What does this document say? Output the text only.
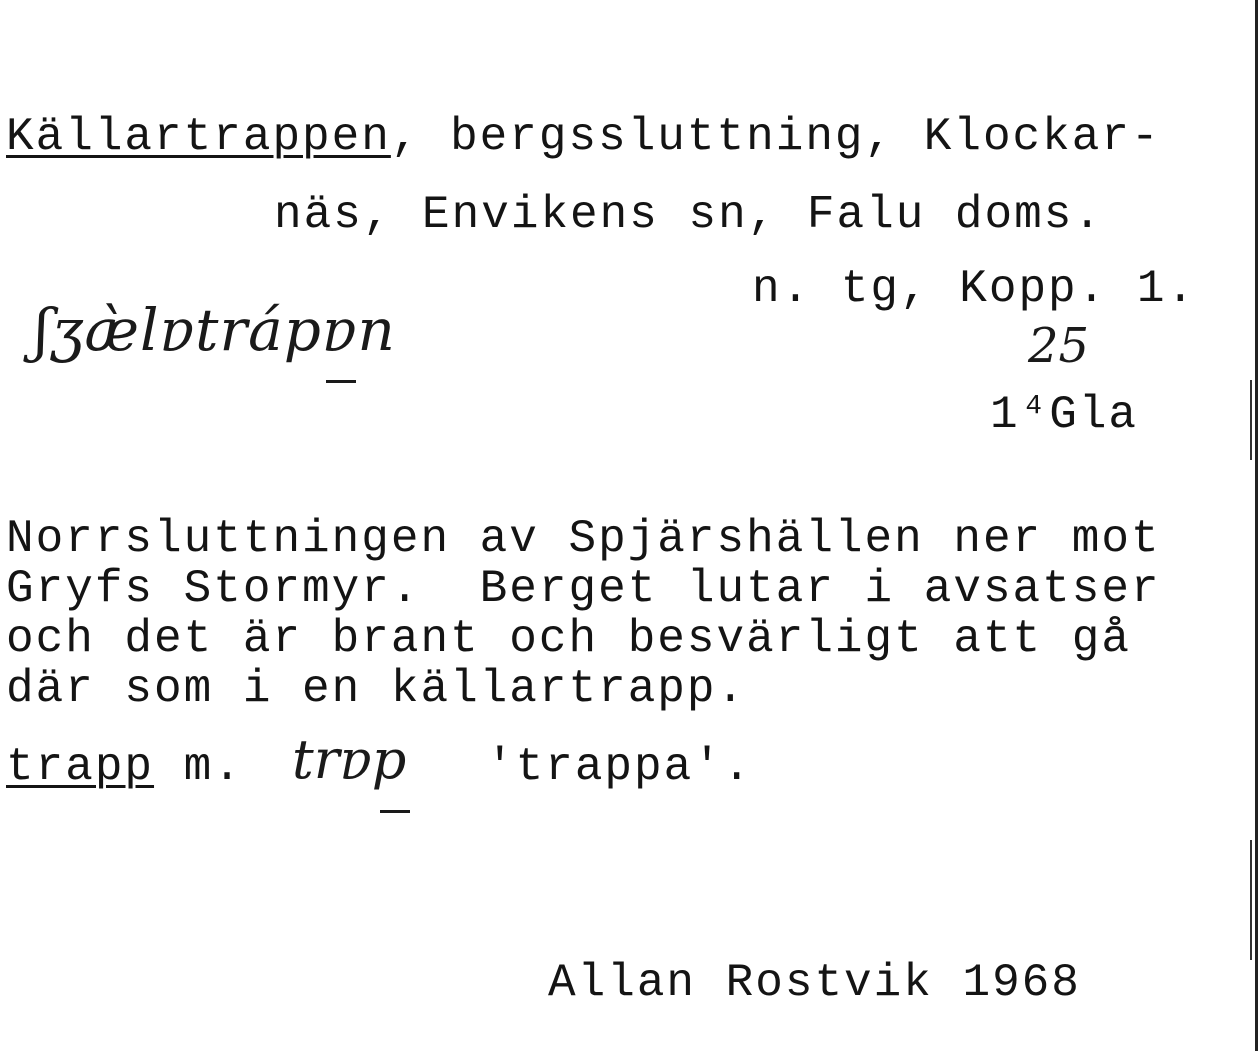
Källartrappen, bergssluttning, Klockar-
näs, Envikens sn, Falu doms.
n. tg, Kopp. 1.
ʃʒæ̀lɐtrápɐn	25
1⁴Gla
Norrsluttningen av Spjärshällen ner mot
Gryfs Stormyr.  Berget lutar i avsatser
och det är brant och besvärligt att gå
där som i en källartrapp.
trapp m. trɐp 'trappa'.
Allan Rostvik 1968
